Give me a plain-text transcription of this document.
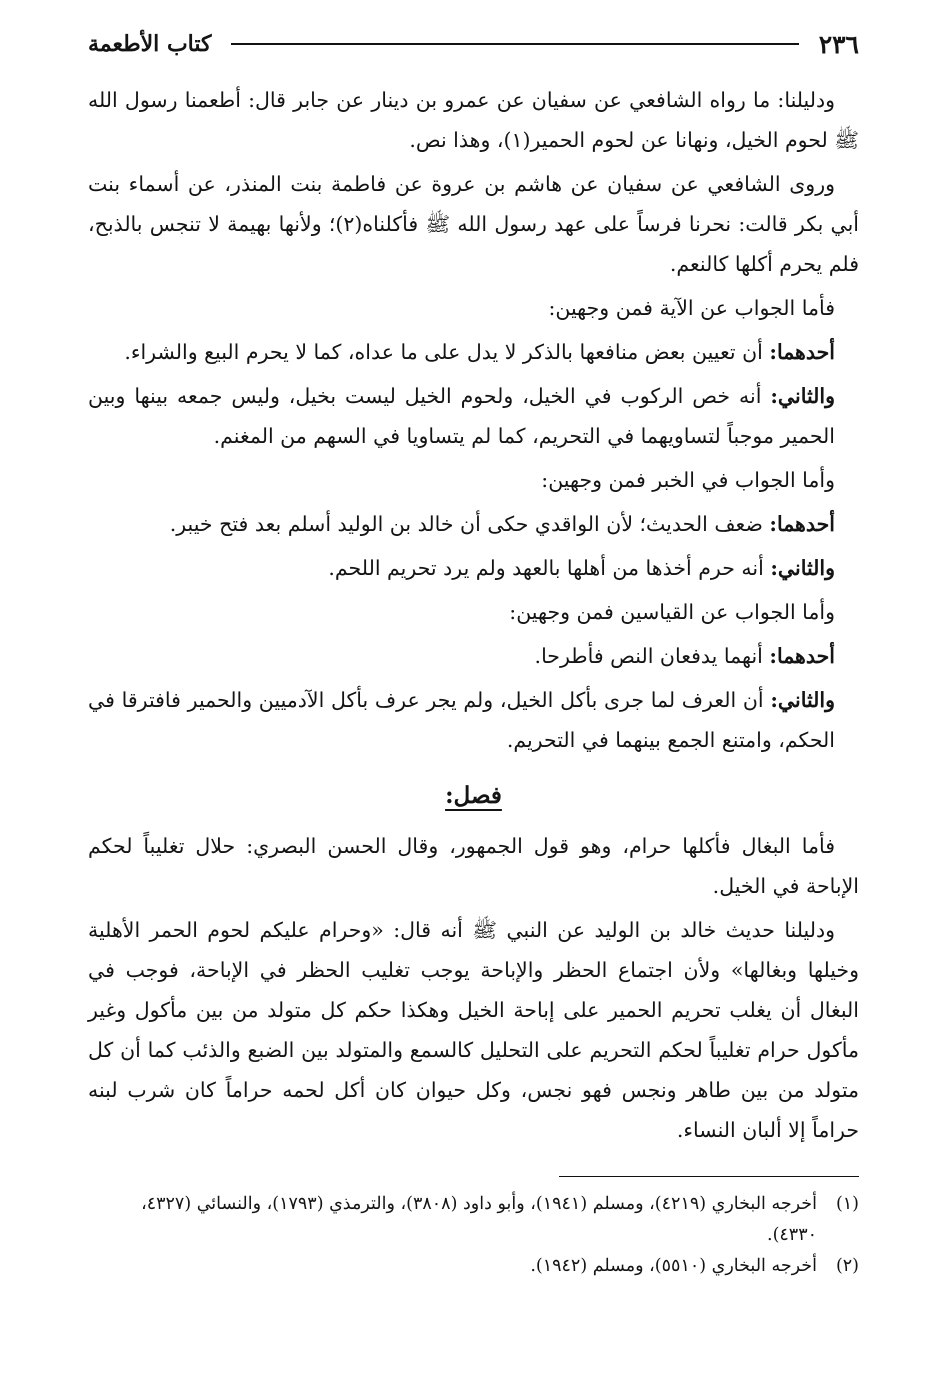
٢٣٦
كتاب الأطعمة

ودليلنا: ما رواه الشافعي عن سفيان عن عمرو بن دينار عن جابر قال: أطعمنا رسول الله ﷺ لحوم الخيل، ونهانا عن لحوم الحمير(١)، وهذا نص.

وروى الشافعي عن سفيان عن هاشم بن عروة عن فاطمة بنت المنذر، عن أسماء بنت أبي بكر قالت: نحرنا فرساً على عهد رسول الله ﷺ فأكلناه(٢)؛ ولأنها بهيمة لا تنجس بالذبح، فلم يحرم أكلها كالنعم.

فأما الجواب عن الآية فمن وجهين:

أحدهما: أن تعيين بعض منافعها بالذكر لا يدل على ما عداه، كما لا يحرم البيع والشراء.

والثاني: أنه خص الركوب في الخيل، ولحوم الخيل ليست بخيل، وليس جمعه بينها وبين الحمير موجباً لتساويهما في التحريم، كما لم يتساويا في السهم من المغنم.

وأما الجواب في الخبر فمن وجهين:

أحدهما: ضعف الحديث؛ لأن الواقدي حكى أن خالد بن الوليد أسلم بعد فتح خيبر.

والثاني: أنه حرم أخذها من أهلها بالعهد ولم يرد تحريم اللحم.

وأما الجواب عن القياسين فمن وجهين:

أحدهما: أنهما يدفعان النص فأطرحا.

والثاني: أن العرف لما جرى بأكل الخيل، ولم يجر عرف بأكل الآدميين والحمير فافترقا في الحكم، وامتنع الجمع بينهما في التحريم.

فصل:

فأما البغال فأكلها حرام، وهو قول الجمهور، وقال الحسن البصري: حلال تغليباً لحكم الإباحة في الخيل.

ودليلنا حديث خالد بن الوليد عن النبي ﷺ أنه قال: «وحرام عليكم لحوم الحمر الأهلية وخيلها وبغالها» ولأن اجتماع الحظر والإباحة يوجب تغليب الحظر في الإباحة، فوجب في البغال أن يغلب تحريم الحمير على إباحة الخيل وهكذا حكم كل متولد من بين مأكول وغير مأكول حرام تغليباً لحكم التحريم على التحليل كالسمع والمتولد بين الضبع والذئب كما أن كل متولد من بين طاهر ونجس فهو نجس، وكل حيوان كان أكل لحمه حراماً كان شرب لبنه حراماً إلا ألبان النساء.

(١)
أخرجه البخاري (٤٢١٩)، ومسلم (١٩٤١)، وأبو داود (٣٨٠٨)، والترمذي (١٧٩٣)، والنسائي (٤٣٢٧، ٤٣٣٠).
(٢)
أخرجه البخاري (٥٥١٠)، ومسلم (١٩٤٢).
